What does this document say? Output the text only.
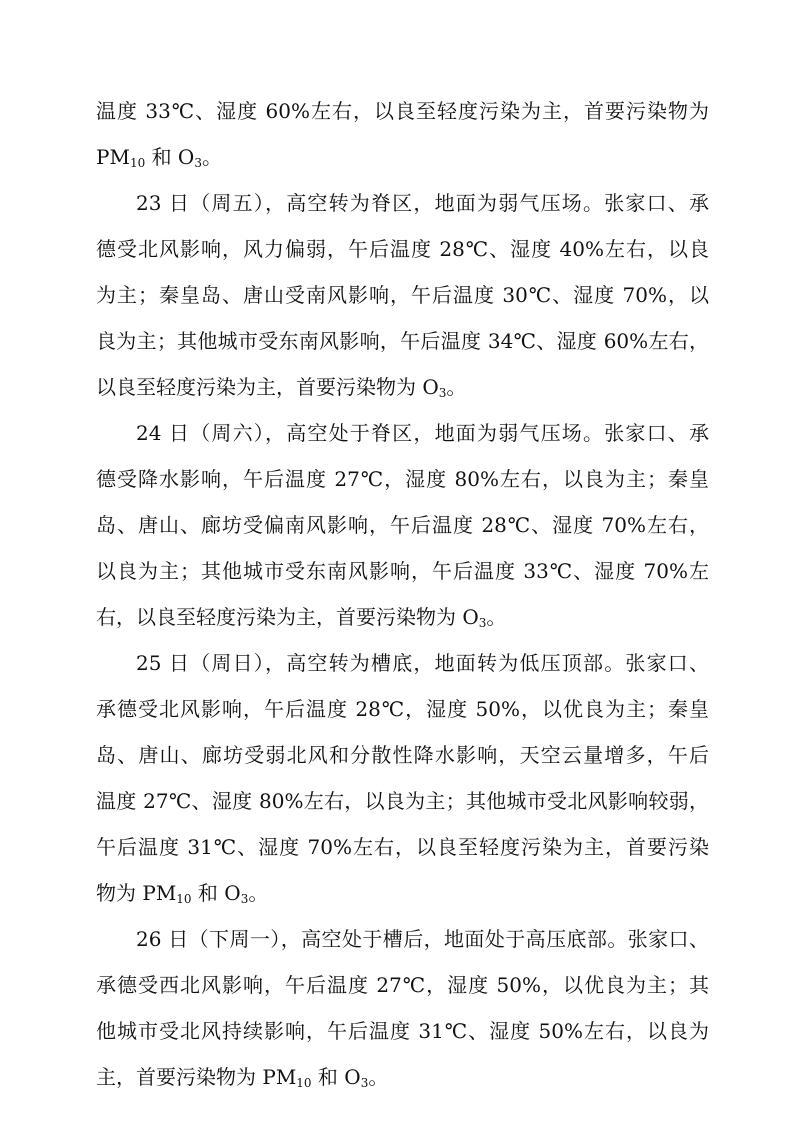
温度 33℃、湿度 60%左右，以良至轻度污染为主，首要污染物为
$PM_{10}$ 和 $O_3$。
23 日（周五），高空转为脊区，地面为弱气压场。张家口、承
德受北风影响，风力偏弱，午后温度 28℃、湿度 40%左右，以良
为主；秦皇岛、唐山受南风影响，午后温度 30℃、湿度 70%，以
良为主；其他城市受东南风影响，午后温度 34℃、湿度 60%左右，
以良至轻度污染为主，首要污染物为 $O_3$。
24 日（周六），高空处于脊区，地面为弱气压场。张家口、承
德受降水影响，午后温度 27℃，湿度 80%左右，以良为主；秦皇
岛、唐山、廊坊受偏南风影响，午后温度 28℃、湿度 70%左右，
以良为主；其他城市受东南风影响，午后温度 33℃、湿度 70%左
右，以良至轻度污染为主，首要污染物为 $O_3$。
25 日（周日），高空转为槽底，地面转为低压顶部。张家口、
承德受北风影响，午后温度 28℃，湿度 50%，以优良为主；秦皇
岛、唐山、廊坊受弱北风和分散性降水影响，天空云量增多，午后
温度 27℃、湿度 80%左右，以良为主；其他城市受北风影响较弱，
午后温度 31℃、湿度 70%左右，以良至轻度污染为主，首要污染
物为 $PM_{10}$ 和 $O_3$。
26 日（下周一），高空处于槽后，地面处于高压底部。张家口、
承德受西北风影响，午后温度 27℃，湿度 50%，以优良为主；其
他城市受北风持续影响，午后温度 31℃、湿度 50%左右，以良为
主，首要污染物为 $PM_{10}$ 和 $O_3$。
